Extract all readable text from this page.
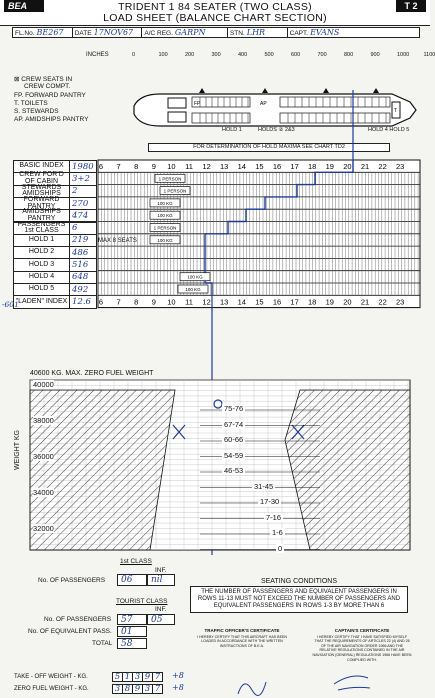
BEA	TRIDENT 1 84 SEATER (TWO CLASS)
LOAD SHEET (BALANCE CHART SECTION)
T 2
FL.No. BE267	DATE 17NOV67	A/C REG. GARPN	STN. LHR	CAPT. EVANS
INCHES	0	100	200	300	400	500	600	700	800	900	1000	1100
⊠ CREW SEATS IN
CREW COMPT.
FP. FORWARD PANTRY
T. TOILETS
S. STEWARDS
AP. AMIDSHIPS PANTRY
FP	AP
T
HOLD 1	HOLDS ② 2&3	HOLD 4 HOLD 5
FOR DETERMINATION OF HOLD MAXIMA SEE CHART TD2
6
6
7
7
8
8
9
9
10
10
11
11
12
12
13
13
14
14
15
15
16
16
17
17
18
18
19
19
20
20
21
21
22
22
23
23
1 PERSON
1 PERSON
100 KG
100 KG
1 PERSON
100 KG
100 KG
100 KG
BASIC INDEX 1980
CREW FOR'D OF CABIN	3+2
STEWARDS AMIDSHIPS	2
FORWARD PANTRY	270
AMIDSHIPS PANTRY	474
PASSENGERS 1st CLASS	6
HOLD 1	219
HOLD 2	486
HOLD 3	516
HOLD 4	648
HOLD 5	492
"LADEN" INDEX 12.6
MAX 8 SEATS
-601
40600 KG. MAX. ZERO FUEL WEIGHT
WEIGHT KG
40000
38000
36000
34000
32000
75-76
67-74
60-66
54-59
46-53
31-45
17-30
7-16
1-6
0
1st CLASS
INF.
No. OF PASSENGERS	06	nil
TOURIST CLASS
INF.
No. OF PASSENGERS	57	05
No. OF EQUIVALENT PASS.	01
TOTAL 58
SEATING CONDITIONS
THE NUMBER OF PASSENGERS AND EQUIVALENT PASSENGERS IN ROWS 11-13 MUST NOT EXCEED THE NUMBER OF PASSENGERS AND EQUIVALENT PASSENGERS IN ROWS 1-3 BY MORE THAN 6
TRAFFIC OFFICER'S CERTIFICATE
I HEREBY CERTIFY THAT THIS AIRCRAFT HAS BEEN LOADED IN ACCORDANCE WITH THE WRITTEN INSTRUCTIONS OF B.E.A.
CAPTAIN'S CERTIFICATE
I HEREBY CERTIFY THAT I HAVE SATISFIED MYSELF THAT THE REQUIREMENTS OF ARTICLES 22 (4) AND 26 OF THE AIR NAVIGATION ORDER 1966 AND THE RELATIVE REGULATIONS CONTAINED IN THE AIR NAVIGATION (GENERAL) REGULATIONS 1966 HAVE BEEN COMPLIED WITH.
TAKE - OFF WEIGHT - KG.	5 1 3 9 7	+8
ZERO FUEL WEIGHT - KG.	3 8 9 3 7	+8
